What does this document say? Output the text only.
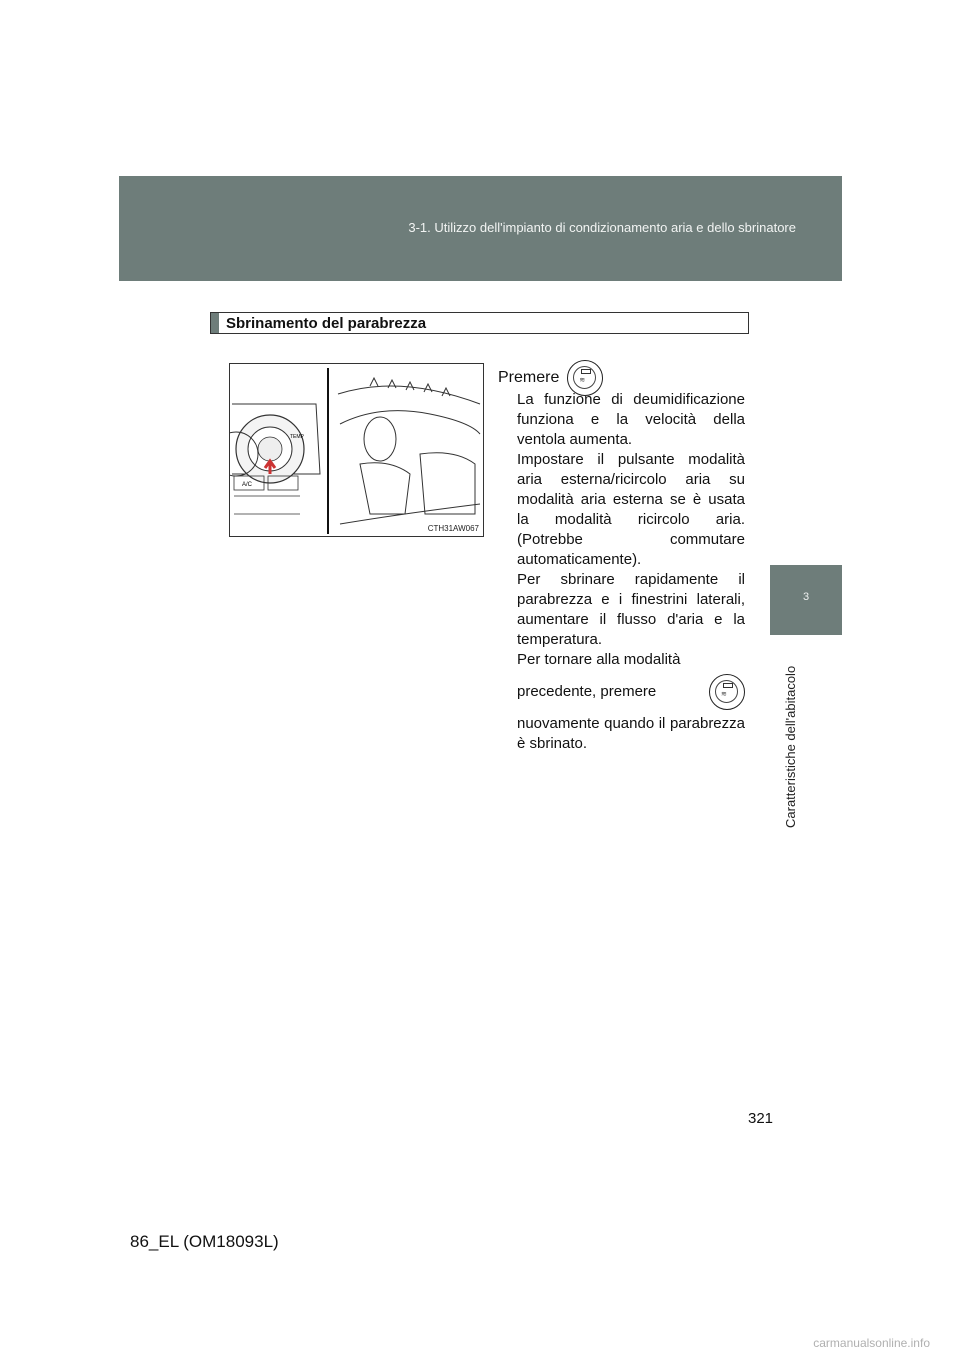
3-1. Utilizzo dell'impianto di condizionamento aria e dello sbrinatore
3
Caratteristiche dell'abitacolo
Sbrinamento del parabrezza
TEMP
A/C
CTH31AW067
Premere	≋

La funzione di deumidificazione funziona e la velocità della ventola aumenta.

Impostare il pulsante modalità aria esterna/ricircolo aria su modalità aria esterna se è usata la modalità ricircolo aria. (Potrebbe commutare automaticamente).

Per sbrinare rapidamente il parabrezza e i finestrini laterali, aumentare il flusso d'aria e la temperatura.

Per tornare alla modalità

precedente, premere	≋

nuovamente quando il parabrezza è sbrinato.

321
86_EL (OM18093L)
carmanualsonline.info
